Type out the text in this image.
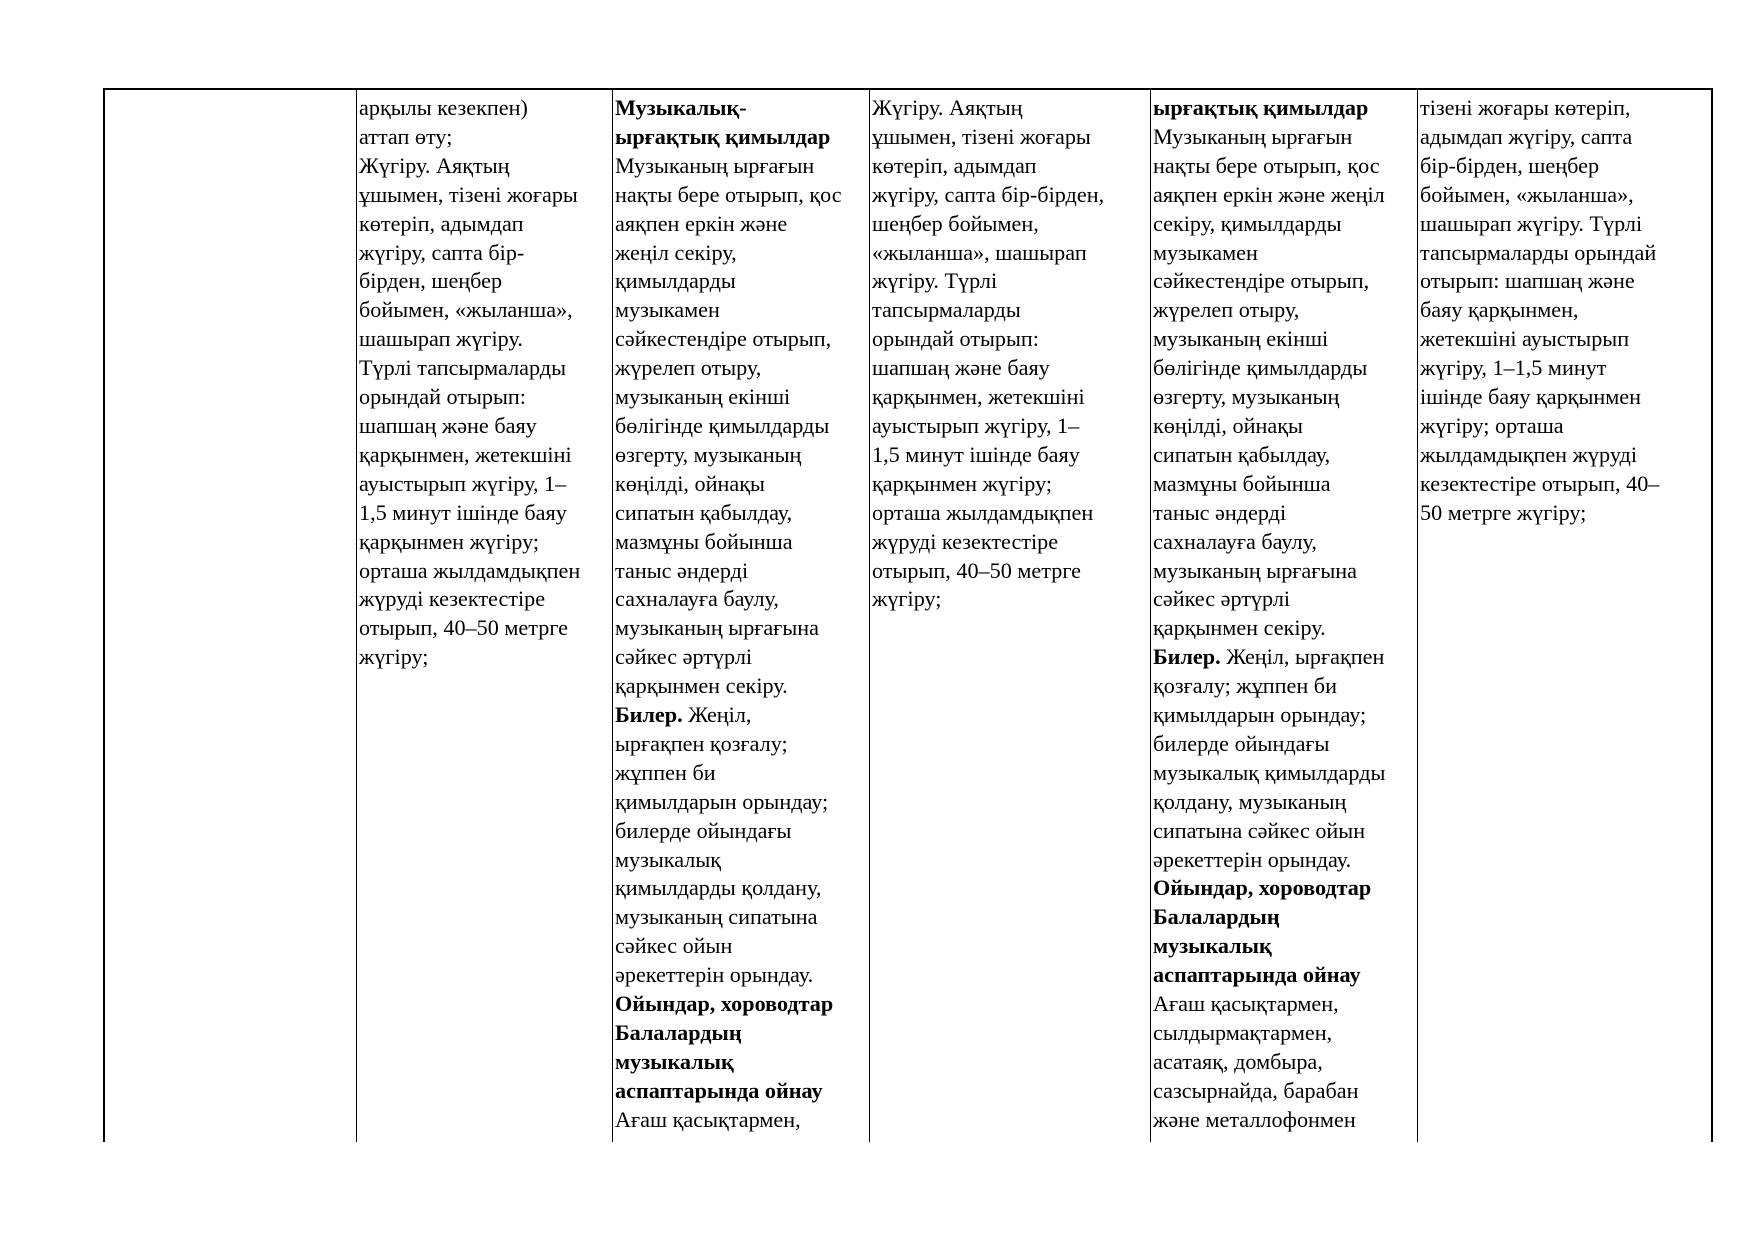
арқылы кезекпен)
аттап өту;
Жүгіру. Аяқтың
ұшымен, тізені жоғары
көтеріп, адымдап
жүгіру, сапта бір-
бірден, шеңбер
бойымен, «жыланша»,
шашырап жүгіру.
Түрлі тапсырмаларды
орындай отырып:
шапшаң және баяу
қарқынмен, жетекшіні
ауыстырып жүгіру, 1–
1,5 минут ішінде баяу
қарқынмен жүгіру;
орташа жылдамдықпен
жүруді кезектестіре
отырып, 40–50 метрге
жүгіру;
Музыкалық-
ырғақтық қимылдар
Музыканың ырғағын
нақты бере отырып, қос
аяқпен еркін және
жеңіл секіру,
қимылдарды
музыкамен
сәйкестендіре отырып,
жүрелеп отыру,
музыканың екінші
бөлігінде қимылдарды
өзгерту, музыканың
көңілді, ойнақы
сипатын қабылдау,
мазмұны бойынша
таныс әндерді
сахналауға баулу,
музыканың ырғағына
сәйкес әртүрлі
қарқынмен секіру.
Билер. Жеңіл,
ырғақпен қозғалу;
жұппен би
қимылдарын орындау;
билерде ойындағы
музыкалық
қимылдарды қолдану,
музыканың сипатына
сәйкес ойын
әрекеттерін орындау.
Ойындар, хороводтар
Балалардың
музыкалық
аспаптарында ойнау
Ағаш қасықтармен,
Жүгіру. Аяқтың
ұшымен, тізені жоғары
көтеріп, адымдап
жүгіру, сапта бір-бірден,
шеңбер бойымен,
«жыланша», шашырап
жүгіру. Түрлі
тапсырмаларды
орындай отырып:
шапшаң және баяу
қарқынмен, жетекшіні
ауыстырып жүгіру, 1–
1,5 минут ішінде баяу
қарқынмен жүгіру;
орташа жылдамдықпен
жүруді кезектестіре
отырып, 40–50 метрге
жүгіру;
ырғақтық қимылдар
Музыканың ырғағын
нақты бере отырып, қос
аяқпен еркін және жеңіл
секіру, қимылдарды
музыкамен
сәйкестендіре отырып,
жүрелеп отыру,
музыканың екінші
бөлігінде қимылдарды
өзгерту, музыканың
көңілді, ойнақы
сипатын қабылдау,
мазмұны бойынша
таныс әндерді
сахналауға баулу,
музыканың ырғағына
сәйкес әртүрлі
қарқынмен секіру.
Билер. Жеңіл, ырғақпен
қозғалу; жұппен би
қимылдарын орындау;
билерде ойындағы
музыкалық қимылдарды
қолдану, музыканың
сипатына сәйкес ойын
әрекеттерін орындау.
Ойындар, хороводтар
Балалардың
музыкалық
аспаптарында ойнау
Ағаш қасықтармен,
сылдырмақтармен,
асатаяқ, домбыра,
сазсырнайда, барабан
және металлофонмен
тізені жоғары көтеріп,
адымдап жүгіру, сапта
бір-бірден, шеңбер
бойымен, «жыланша»,
шашырап жүгіру. Түрлі
тапсырмаларды орындай
отырып: шапшаң және
баяу қарқынмен,
жетекшіні ауыстырып
жүгіру, 1–1,5 минут
ішінде баяу қарқынмен
жүгіру; орташа
жылдамдықпен жүруді
кезектестіре отырып, 40–
50 метрге жүгіру;
